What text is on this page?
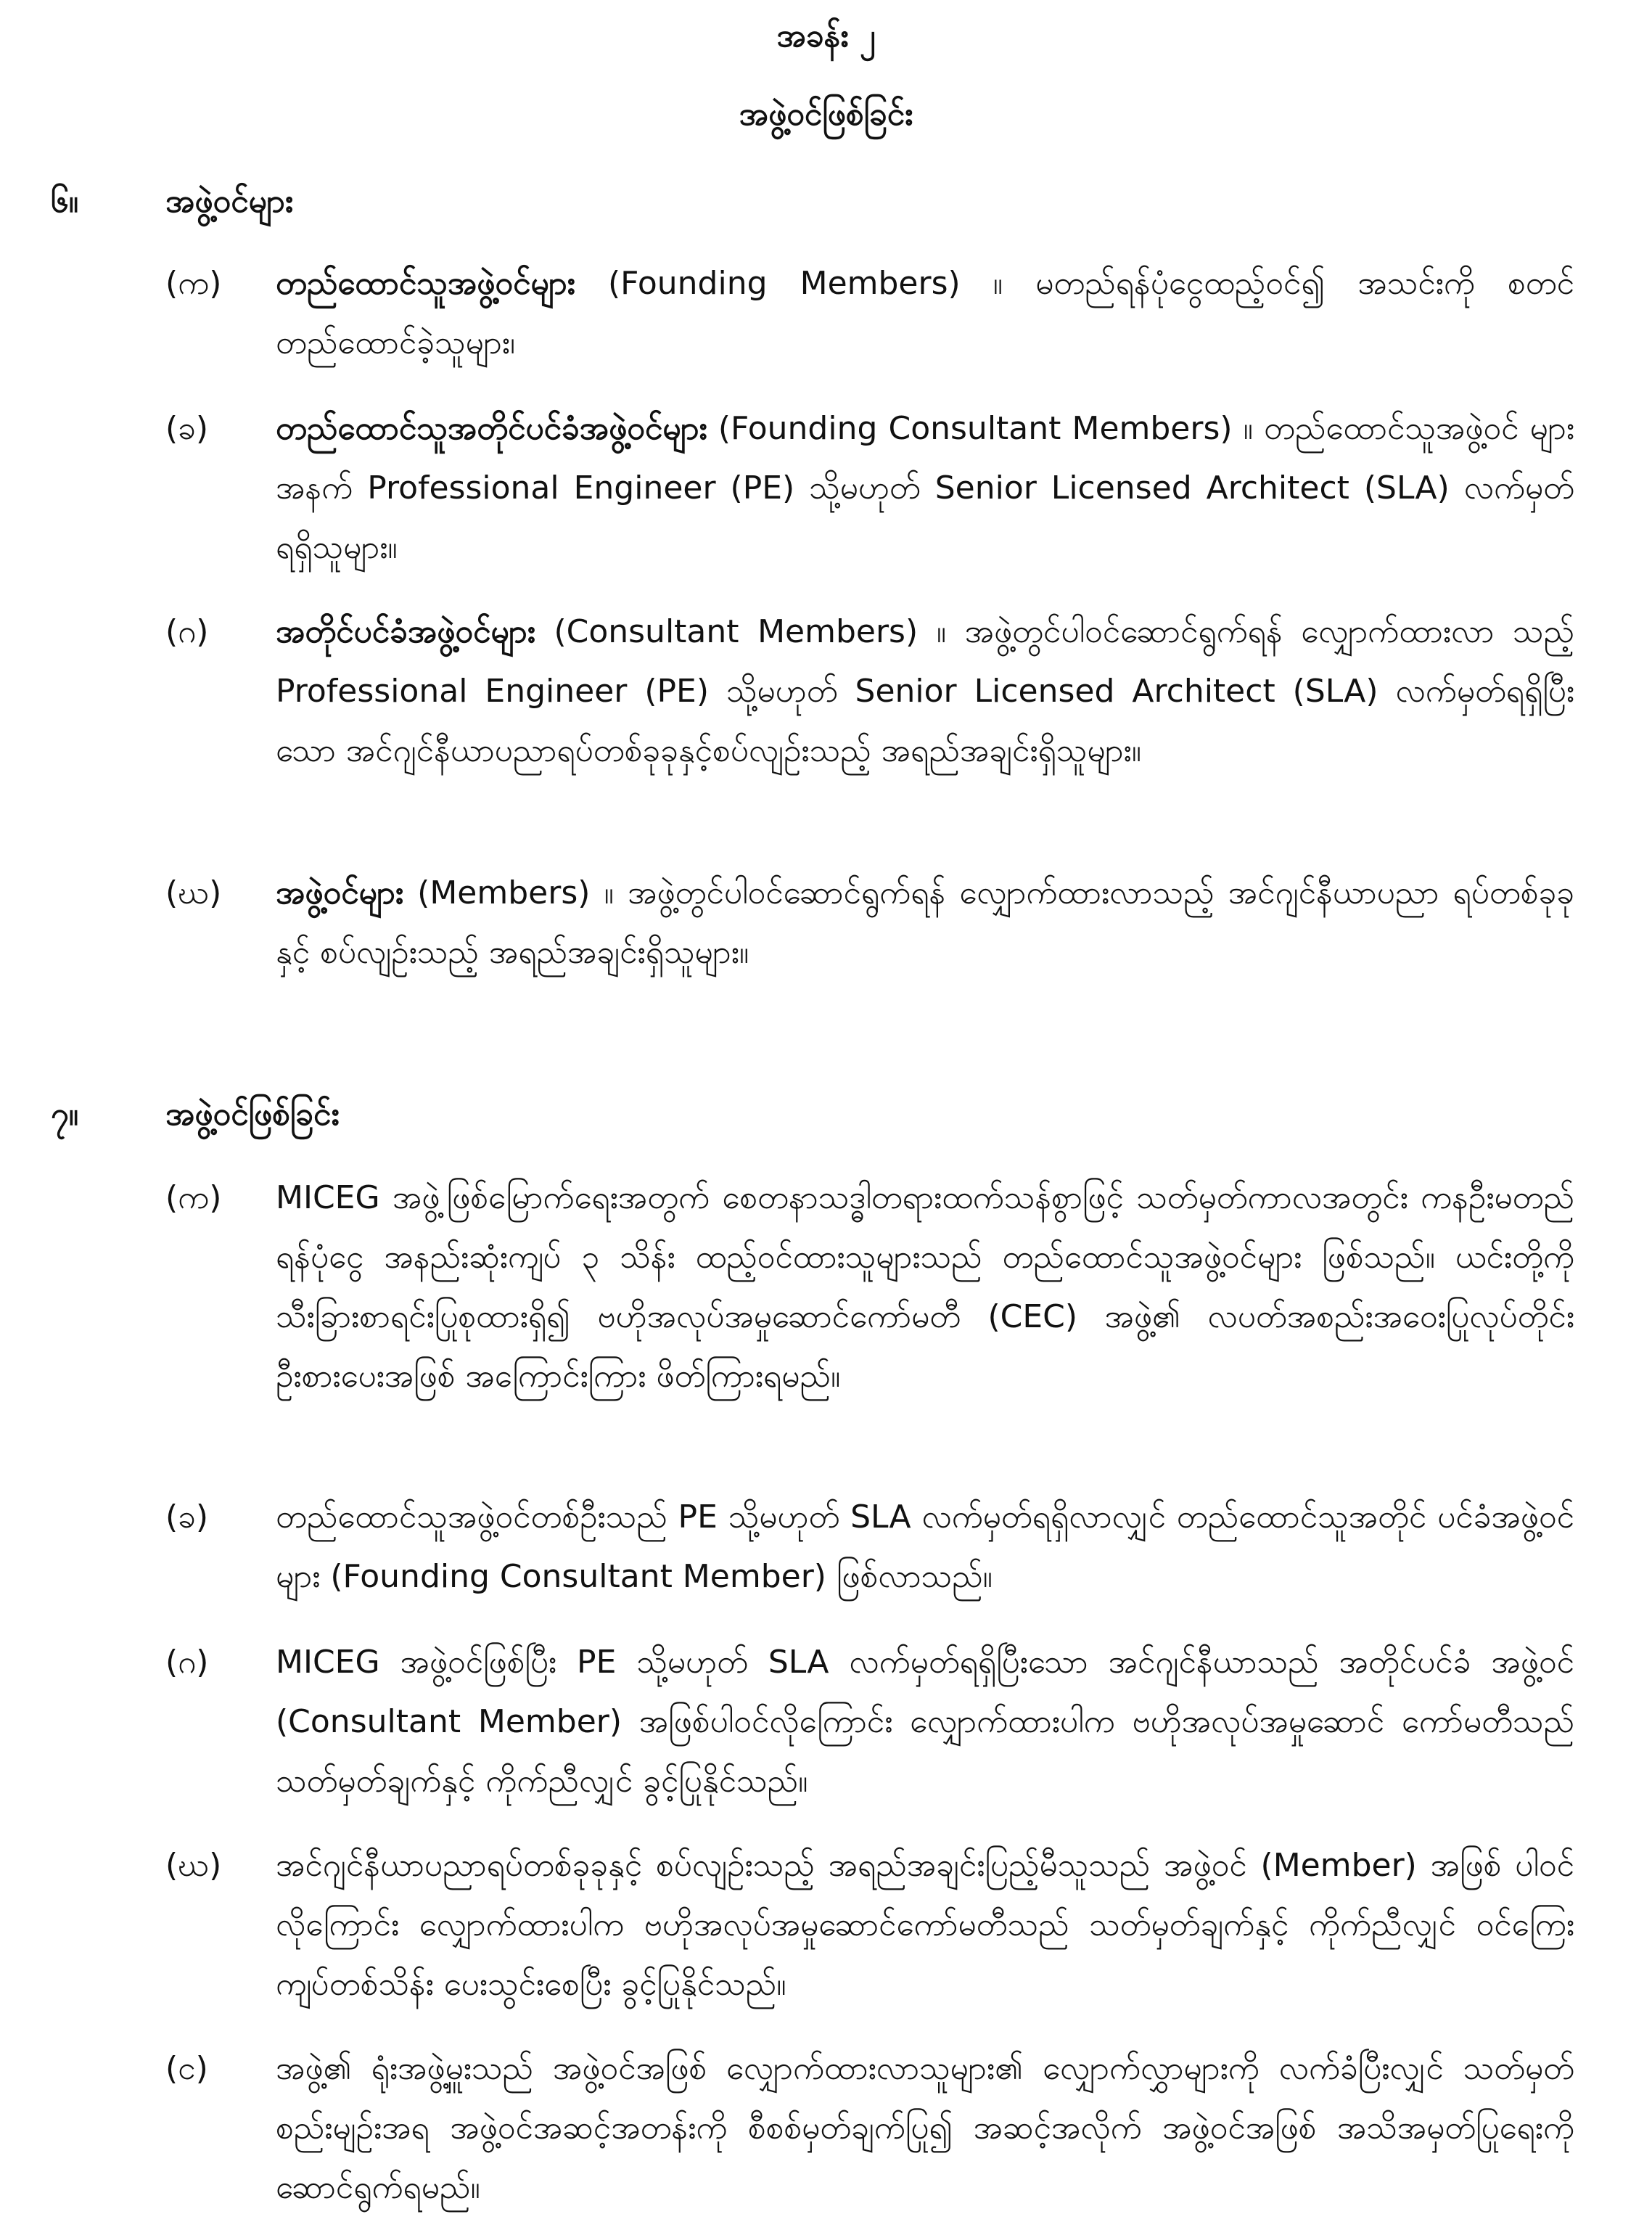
အခန်း ၂
အဖွဲ့ဝင်ဖြစ်ခြင်း
၆။	အဖွဲ့ဝင်များ
(က)	တည်ထောင်သူအဖွဲ့ဝင်များ (Founding Members) ။ မတည်ရန်ပုံငွေထည့်ဝင်၍ အသင်းကို စတင်တည်ထောင်ခဲ့သူများ၊
(ခ)	တည်ထောင်သူအတိုင်ပင်ခံအဖွဲ့ဝင်များ (Founding Consultant Members) ။ တည်ထောင်သူအဖွဲ့ဝင် များအနက် Professional Engineer (PE) သို့မဟုတ် Senior Licensed Architect (SLA) လက်မှတ် ရရှိသူများ။
(ဂ)	အတိုင်ပင်ခံအဖွဲ့ဝင်များ (Consultant Members) ။ အဖွဲ့တွင်ပါဝင်ဆောင်ရွက်ရန် လျှောက်ထားလာ သည့် Professional Engineer (PE) သို့မဟုတ် Senior Licensed Architect (SLA) လက်မှတ်ရရှိပြီး သော အင်ဂျင်နီယာပညာရပ်တစ်ခုခုနှင့်စပ်လျဉ်းသည့် အရည်အချင်းရှိသူများ။
(ဃ)	အဖွဲ့ဝင်များ (Members) ။ အဖွဲ့တွင်ပါဝင်ဆောင်ရွက်ရန် လျှောက်ထားလာသည့် အင်ဂျင်နီယာပညာ ရပ်တစ်ခုခုနှင့် စပ်လျဉ်းသည့် အရည်အချင်းရှိသူများ။
၇။	အဖွဲ့ဝင်ဖြစ်ခြင်း
(က)	MICEG အဖွဲ့ဖြစ်မြောက်ရေးအတွက် စေတနာသဒ္ဓါတရားထက်သန်စွာဖြင့် သတ်မှတ်ကာလအတွင်း ကနဦးမတည်ရန်ပုံငွေ အနည်းဆုံးကျပ် ၃ သိန်း ထည့်ဝင်ထားသူများသည် တည်ထောင်သူအဖွဲ့ဝင်များ ဖြစ်သည်။ ယင်းတို့ကို သီးခြားစာရင်းပြုစုထားရှိ၍ ဗဟိုအလုပ်အမှုဆောင်ကော်မတီ (CEC) အဖွဲ့၏ လပတ်အစည်းအဝေးပြုလုပ်တိုင်း ဦးစားပေးအဖြစ် အကြောင်းကြား ဖိတ်ကြားရမည်။
(ခ)	တည်ထောင်သူအဖွဲ့ဝင်တစ်ဦးသည် PE သို့မဟုတ် SLA လက်မှတ်ရရှိလာလျှင် တည်ထောင်သူအတိုင် ပင်ခံအဖွဲ့ဝင်များ (Founding Consultant Member) ဖြစ်လာသည်။
(ဂ)	MICEG အဖွဲ့ဝင်ဖြစ်ပြီး PE သို့မဟုတ် SLA လက်မှတ်ရရှိပြီးသော အင်ဂျင်နီယာသည် အတိုင်ပင်ခံ အဖွဲ့ဝင် (Consultant Member) အဖြစ်ပါဝင်လိုကြောင်း လျှောက်ထားပါက ဗဟိုအလုပ်အမှုဆောင် ကော်မတီသည် သတ်မှတ်ချက်နှင့် ကိုက်ညီလျှင် ခွင့်ပြုနိုင်သည်။
(ဃ)	အင်ဂျင်နီယာပညာရပ်တစ်ခုခုနှင့် စပ်လျဉ်းသည့် အရည်အချင်းပြည့်မီသူသည် အဖွဲ့ဝင် (Member) အဖြစ် ပါဝင်လိုကြောင်း လျှောက်ထားပါက ဗဟိုအလုပ်အမှုဆောင်ကော်မတီသည် သတ်မှတ်ချက်နှင့် ကိုက်ညီလျှင် ဝင်ကြေးကျပ်တစ်သိန်း ပေးသွင်းစေပြီး ခွင့်ပြုနိုင်သည်။
(င)	အဖွဲ့၏ ရုံးအဖွဲ့မှူးသည် အဖွဲ့ဝင်အဖြစ် လျှောက်ထားလာသူများ၏ လျှောက်လွှာများကို လက်ခံပြီးလျှင် သတ်မှတ်စည်းမျဉ်းအရ အဖွဲ့ဝင်အဆင့်အတန်းကို စီစစ်မှတ်ချက်ပြု၍ အဆင့်အလိုက် အဖွဲ့ဝင်အဖြစ် အသိအမှတ်ပြုရေးကို ဆောင်ရွက်ရမည်။
